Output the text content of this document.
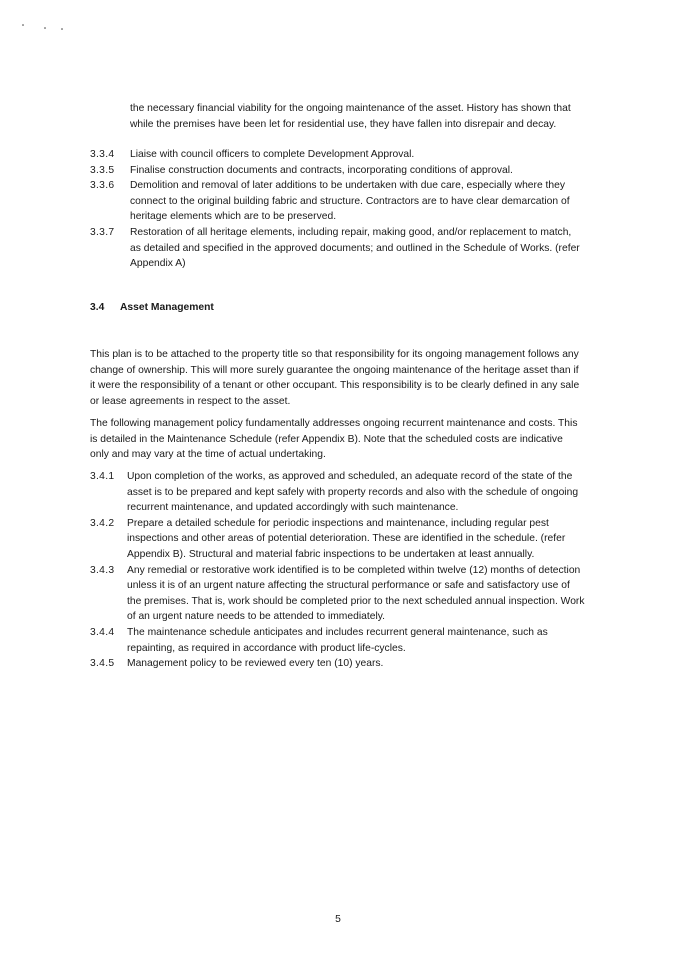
the necessary financial viability for the ongoing maintenance of the asset. History has shown that while the premises have been let for residential use, they have fallen into disrepair and decay.
3.3.4 Liaise with council officers to complete Development Approval.
3.3.5 Finalise construction documents and contracts, incorporating conditions of approval.
3.3.6 Demolition and removal of later additions to be undertaken with due care, especially where they connect to the original building fabric and structure. Contractors are to have clear demarcation of heritage elements which are to be preserved.
3.3.7 Restoration of all heritage elements, including repair, making good, and/or replacement to match, as detailed and specified in the approved documents; and outlined in the Schedule of Works. (refer Appendix A)
3.4 Asset Management
This plan is to be attached to the property title so that responsibility for its ongoing management follows any change of ownership. This will more surely guarantee the ongoing maintenance of the heritage asset than if it were the responsibility of a tenant or other occupant. This responsibility is to be clearly defined in any sale or lease agreements in respect to the asset.
The following management policy fundamentally addresses ongoing recurrent maintenance and costs. This is detailed in the Maintenance Schedule (refer Appendix B). Note that the scheduled costs are indicative only and may vary at the time of actual undertaking.
3.4.1 Upon completion of the works, as approved and scheduled, an adequate record of the state of the asset is to be prepared and kept safely with property records and also with the schedule of ongoing recurrent maintenance, and updated accordingly with such maintenance.
3.4.2 Prepare a detailed schedule for periodic inspections and maintenance, including regular pest inspections and other areas of potential deterioration. These are identified in the schedule. (refer Appendix B). Structural and material fabric inspections to be undertaken at least annually.
3.4.3 Any remedial or restorative work identified is to be completed within twelve (12) months of detection unless it is of an urgent nature affecting the structural performance or safe and satisfactory use of the premises. That is, work should be completed prior to the next scheduled annual inspection. Work of an urgent nature needs to be attended to immediately.
3.4.4 The maintenance schedule anticipates and includes recurrent general maintenance, such as repainting, as required in accordance with product life-cycles.
3.4.5 Management policy to be reviewed every ten (10) years.
5
